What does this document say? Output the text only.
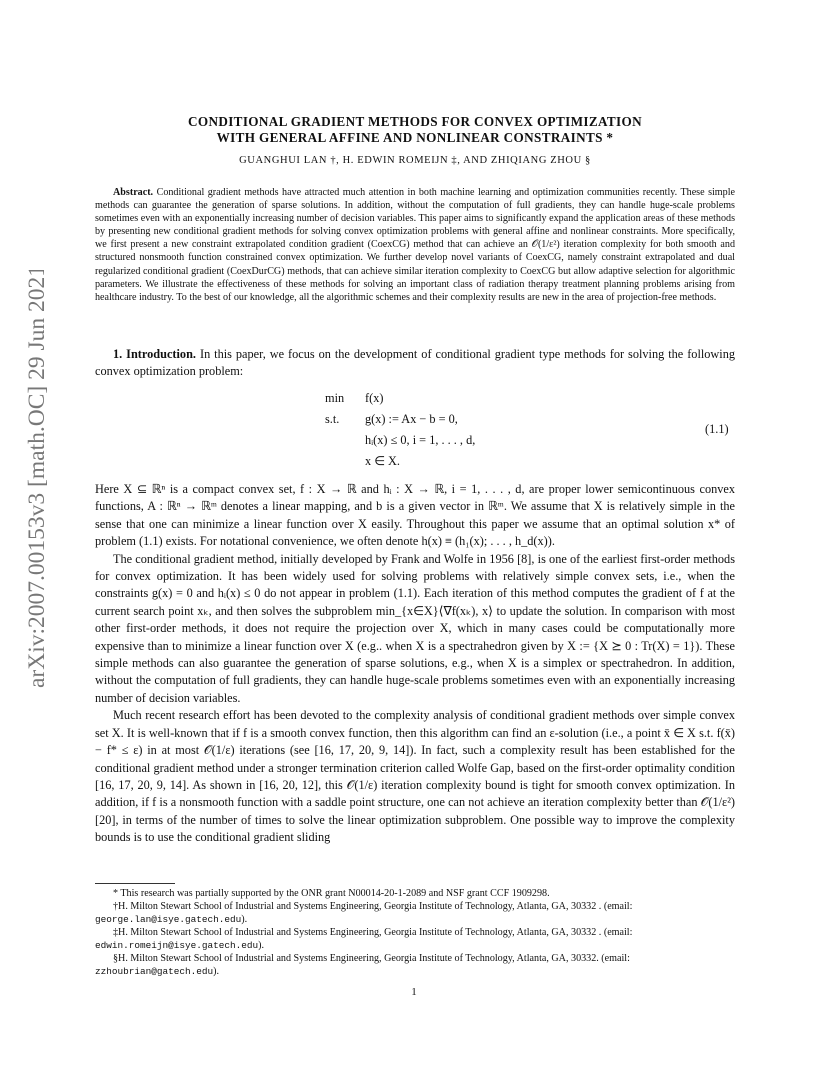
arXiv:2007.00153v3 [math.OC] 29 Jun 2021
CONDITIONAL GRADIENT METHODS FOR CONVEX OPTIMIZATION
WITH GENERAL AFFINE AND NONLINEAR CONSTRAINTS *
GUANGHUI LAN †, H. EDWIN ROMEIJN ‡, AND ZHIQIANG ZHOU §
Abstract. Conditional gradient methods have attracted much attention in both machine learning and optimization communities recently. These simple methods can guarantee the generation of sparse solutions. In addition, without the computation of full gradients, they can handle huge-scale problems sometimes even with an exponentially increasing number of decision variables. This paper aims to significantly expand the application areas of these methods by presenting new conditional gradient methods for solving convex optimization problems with general affine and nonlinear constraints. More specifically, we first present a new constraint extrapolated condition gradient (CoexCG) method that can achieve an 𝒪(1/ε²) iteration complexity for both smooth and structured nonsmooth function constrained convex optimization. We further develop novel variants of CoexCG, namely constraint extrapolated and dual regularized conditional gradient (CoexDurCG) methods, that can achieve similar iteration complexity to CoexCG but allow adaptive selection for algorithmic parameters. We illustrate the effectiveness of these methods for solving an important class of radiation therapy treatment planning problems arising from healthcare industry. To the best of our knowledge, all the algorithmic schemes and their complexity results are new in the area of projection-free methods.
1. Introduction. In this paper, we focus on the development of conditional gradient type methods for solving the following convex optimization problem:
min f(x)
s.t. g(x) := Ax − b = 0,
hᵢ(x) ≤ 0, i = 1, . . . , d,
x ∈ X.
(1.1)
Here X ⊆ ℝⁿ is a compact convex set, f : X → ℝ and hᵢ : X → ℝ, i = 1, . . . , d, are proper lower semicontinuous convex functions, A : ℝⁿ → ℝᵐ denotes a linear mapping, and b is a given vector in ℝᵐ. We assume that X is relatively simple in the sense that one can minimize a linear function over X easily. Throughout this paper we assume that an optimal solution x* of problem (1.1) exists. For notational convenience, we often denote h(x) ≡ (h₁(x); . . . , h_d(x)).
The conditional gradient method, initially developed by Frank and Wolfe in 1956 [8], is one of the earliest first-order methods for convex optimization. It has been widely used for solving problems with relatively simple convex sets, i.e., when the constraints g(x) = 0 and hᵢ(x) ≤ 0 do not appear in problem (1.1). Each iteration of this method computes the gradient of f at the current search point xₖ, and then solves the subproblem min_{x∈X}⟨∇f(xₖ), x⟩ to update the solution. In comparison with most other first-order methods, it does not require the projection over X, which in many cases could be computationally more expensive than to minimize a linear function over X (e.g.. when X is a spectrahedron given by X := {X ⪰ 0 : Tr(X) = 1}). These simple methods can also guarantee the generation of sparse solutions, e.g., when X is a simplex or spectrahedron. In addition, without the computation of full gradients, they can handle huge-scale problems sometimes even with an exponentially increasing number of decision variables.
Much recent research effort has been devoted to the complexity analysis of conditional gradient methods over simple convex set X. It is well-known that if f is a smooth convex function, then this algorithm can find an ε-solution (i.e., a point x̄ ∈ X s.t. f(x̄) − f* ≤ ε) in at most 𝒪(1/ε) iterations (see [16, 17, 20, 9, 14]). In fact, such a complexity result has been established for the conditional gradient method under a stronger termination criterion called Wolfe Gap, based on the first-order optimality condition [16, 17, 20, 9, 14]. As shown in [16, 20, 12], this 𝒪(1/ε) iteration complexity bound is tight for smooth convex optimization. In addition, if f is a nonsmooth function with a saddle point structure, one can not achieve an iteration complexity better than 𝒪(1/ε²) [20], in terms of the number of times to solve the linear optimization subproblem. One possible way to improve the complexity bounds is to use the conditional gradient sliding
* This research was partially supported by the ONR grant N00014-20-1-2089 and NSF grant CCF 1909298.
†H. Milton Stewart School of Industrial and Systems Engineering, Georgia Institute of Technology, Atlanta, GA, 30332 . (email: george.lan@isye.gatech.edu).
‡H. Milton Stewart School of Industrial and Systems Engineering, Georgia Institute of Technology, Atlanta, GA, 30332 . (email: edwin.romeijn@isye.gatech.edu).
§H. Milton Stewart School of Industrial and Systems Engineering, Georgia Institute of Technology, Atlanta, GA, 30332. (email: zzhoubrian@gatech.edu).
1
